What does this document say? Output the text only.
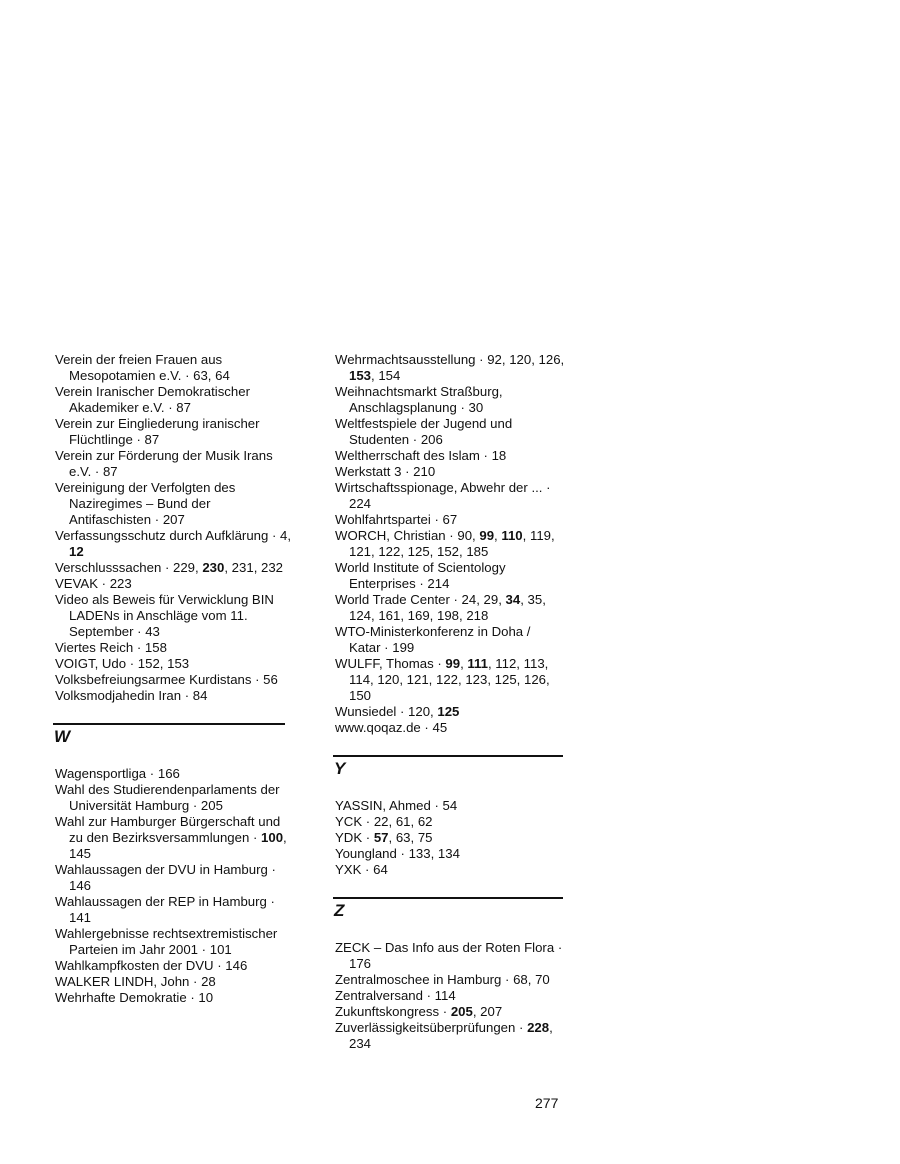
Verein der freien Frauen aus Mesopotamien e.V. · 63, 64
Verein Iranischer Demokratischer Akademiker e.V. · 87
Verein zur Eingliederung iranischer Flüchtlinge · 87
Verein zur Förderung der Musik Irans e.V. · 87
Vereinigung der Verfolgten des Naziregimes – Bund der Antifaschisten · 207
Verfassungsschutz durch Aufklärung · 4, 12
Verschlusssachen · 229, 230, 231, 232
VEVAK · 223
Video als Beweis für Verwicklung BIN LADENs in Anschläge vom 11. September · 43
Viertes Reich · 158
VOIGT, Udo · 152, 153
Volksbefreiungsarmee Kurdistans · 56
Volksmodjahedin Iran · 84
W
Wagensportliga · 166
Wahl des Studierendenparlaments der Universität Hamburg · 205
Wahl zur Hamburger Bürgerschaft und zu den Bezirksversammlungen · 100, 145
Wahlaussagen der DVU in Hamburg · 146
Wahlaussagen der REP in Hamburg · 141
Wahlergebnisse rechtsextremistischer Parteien im Jahr 2001 · 101
Wahlkampfkosten der DVU · 146
WALKER LINDH, John · 28
Wehrhafte Demokratie · 10
Wehrmachtsausstellung · 92, 120, 126, 153, 154
Weihnachtsmarkt Straßburg, Anschlagsplanung · 30
Weltfestspiele der Jugend und Studenten · 206
Weltherrschaft des Islam · 18
Werkstatt 3 · 210
Wirtschaftsspionage, Abwehr der ... · 224
Wohlfahrtspartei · 67
WORCH, Christian · 90, 99, 110, 119, 121, 122, 125, 152, 185
World Institute of Scientology Enterprises · 214
World Trade Center · 24, 29, 34, 35, 124, 161, 169, 198, 218
WTO-Ministerkonferenz in Doha / Katar · 199
WULFF, Thomas · 99, 111, 112, 113, 114, 120, 121, 122, 123, 125, 126, 150
Wunsiedel · 120, 125
www.qoqaz.de · 45
Y
YASSIN, Ahmed · 54
YCK · 22, 61, 62
YDK · 57, 63, 75
Youngland · 133, 134
YXK · 64
Z
ZECK – Das Info aus der Roten Flora · 176
Zentralmoschee in Hamburg · 68, 70
Zentralversand · 114
Zukunftskongress · 205, 207
Zuverlässigkeitsüberprüfungen · 228, 234
277
